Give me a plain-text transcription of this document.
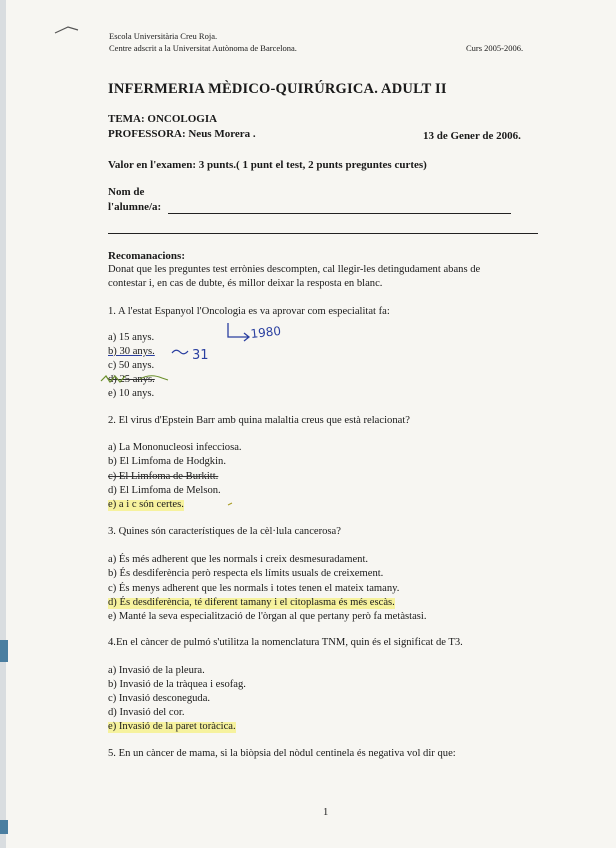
Escola Universitària Creu Roja.
Centre adscrit a la Universitat Autònoma de Barcelona.	Curs 2005-2006.
INFERMERIA MÈDICO-QUIRÚRGICA. ADULT II
TEMA: ONCOLOGIA
PROFESSORA: Neus Morera .	13 de Gener de 2006.
Valor en l'examen: 3 punts.( 1 punt el test, 2 punts preguntes curtes)
Nom de
l'alumne/a:
Recomanacions:
Donat que les preguntes test errònies descompten, cal llegir-les detingudament abans de
contestar i, en cas de dubte, és millor deixar la resposta en blanc.
1. A l'estat Espanyol l'Oncologia es va aprovar com especialitat fa:
a) 15 anys.
b) 30 anys.
c) 50 anys.
d) 25 anys.
e) 10 anys.
2. El virus d'Epstein Barr amb quina malaltia creus que està relacionat?
a) La Mononucleosi infecciosa.
b) El Limfoma de Hodgkin.
c) El Limfoma de Burkitt.
d) El Limfoma de Melson.
e) a i c són certes.
3. Quines són característiques de la cèl·lula cancerosa?
a) És més adherent que les normals i creix desmesuradament.
b) És desdiferència però respecta els límits usuals de creixement.
c) És menys adherent que les normals i totes tenen el mateix tamany.
d) És desdiferència, té diferent tamany i el citoplasma és més escàs.
e) Manté la seva especialització de l'òrgan al que pertany però fa metàstasi.
4.En el càncer de pulmó s'utilitza la nomenclatura TNM, quin és el significat de T3.
a) Invasió de la pleura.
b) Invasió de la tràquea i esofag.
c) Invasió desconeguda.
d) Invasió del cor.
e) Invasió de la paret toràcica.
5. En un càncer de mama, si la biòpsia del nòdul centinela és negativa vol dir que:
1
1980
31
